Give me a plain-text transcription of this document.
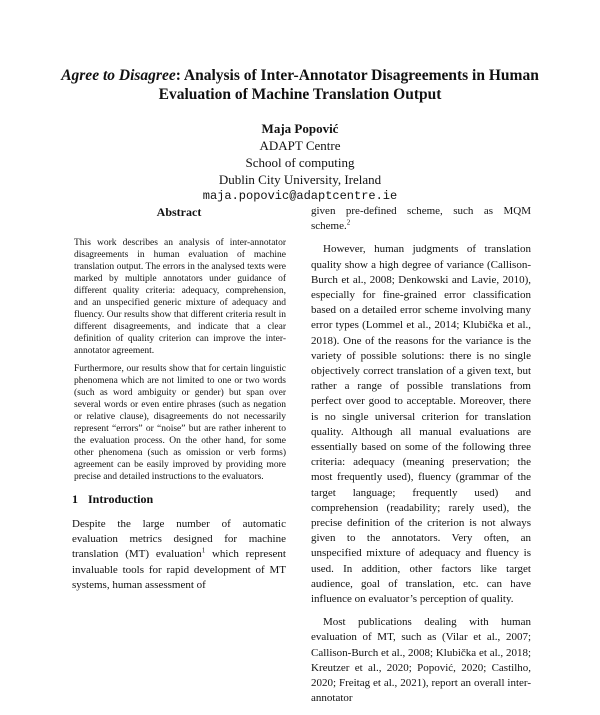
Agree to Disagree: Analysis of Inter-Annotator Disagreements in Human Evaluation of Machine Translation Output
Maja Popović
ADAPT Centre
School of computing
Dublin City University, Ireland
maja.popovic@adaptcentre.ie
Abstract

This work describes an analysis of inter-annotator disagreements in human evaluation of machine translation output. The errors in the analysed texts were marked by multiple annotators under guidance of different quality criteria: adequacy, comprehension, and an unspecified generic mixture of adequacy and fluency. Our results show that different criteria result in different disagreements, and indicate that a clear definition of quality criterion can improve the inter-annotator agreement.

Furthermore, our results show that for certain linguistic phenomena which are not limited to one or two words (such as word ambiguity or gender) but span over several words or even entire phrases (such as negation or relative clause), disagreements do not necessarily represent “errors” or “noise” but are rather inherent to the evaluation process. On the other hand, for some other phenomena (such as omission or verb forms) agreement can be easily improved by providing more precise and detailed instructions to the evaluators.

1 Introduction

Despite the large number of automatic evaluation metrics designed for machine translation (MT) evaluation$^1$ which represent invaluable tools for rapid development of MT systems, human assessment of

given pre-defined scheme, such as MQM scheme.$^2$

However, human judgments of translation quality show a high degree of variance (Callison-Burch et al., 2008; Denkowski and Lavie, 2010), especially for fine-grained error classification based on a detailed error scheme involving many error types (Lommel et al., 2014; Klubička et al., 2018). One of the reasons for the variance is the variety of possible solutions: there is no single objectively correct translation of a given text, but rather a range of possible translations from perfect over good to acceptable. Moreover, there is no single universal criterion for translation quality. Although all manual evaluations are essentially based on some of the following three criteria: adequacy (meaning preservation; the most frequently used), fluency (grammar of the target language; frequently used) and comprehension (readability; rarely used), the precise definition of the criterion is not always given to the annotators. Very often, an unspecified mixture of adequacy and fluency is used. In addition, other factors like target audience, goal of translation, etc. can have influence on evaluator’s perception of quality.

Most publications dealing with human evaluation of MT, such as (Vilar et al., 2007; Callison-Burch et al., 2008; Klubička et al., 2018; Kreutzer et al., 2020; Popović, 2020; Castilho, 2020; Freitag et al., 2021), report an overall inter-annotator
